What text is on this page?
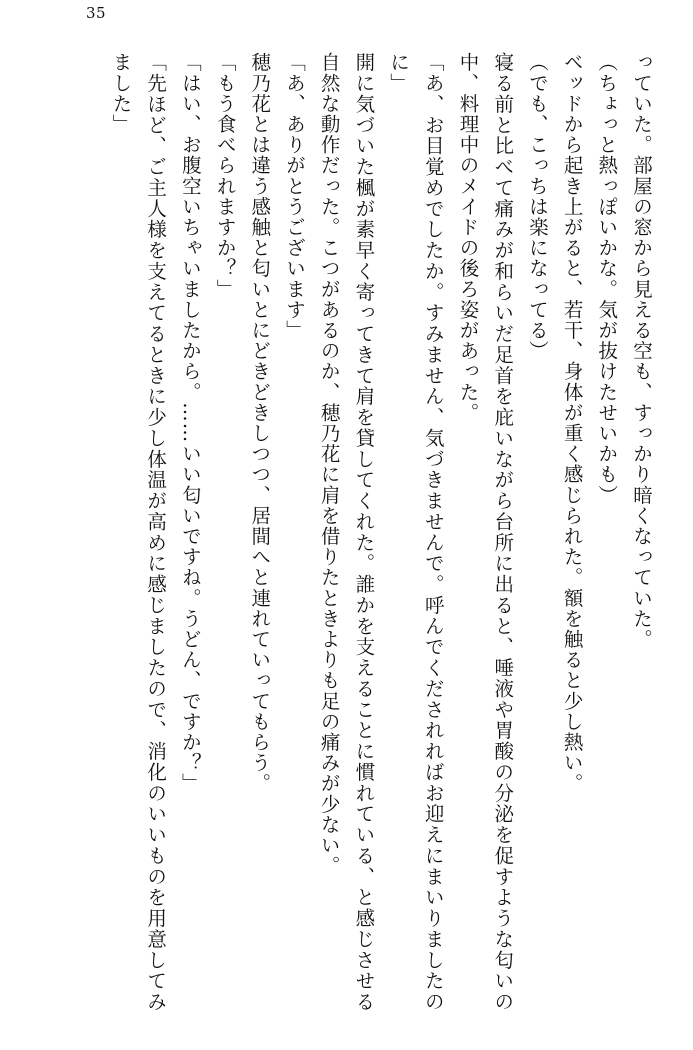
35

っていた。部屋の窓から見える空も、すっかり暗くなっていた。

（ちょっと熱っぽいかな。気が抜けたせいかも）

ベッドから起き上がると、若干、身体が重く感じられた。額を触ると少し熱い。

（でも、こっちは楽になってる）

寝る前と比べて痛みが和らいだ足首を庇いながら台所に出ると、唾液や胃酸の分泌を促すような匂いの中、料理中のメイドの後ろ姿があった。

「あ、お目覚めでしたか。すみません、気づきませんで。呼んでくだされればお迎えにまいりましたのに」

開に気づいた楓が素早く寄ってきて肩を貸してくれた。誰かを支えることに慣れている、と感じさせる自然な動作だった。こつがあるのか、穂乃花に肩を借りたときよりも足の痛みが少ない。

「あ、ありがとうございます」

穂乃花とは違う感触と匂いとにどきどきしつつ、居間へと連れていってもらう。

「もう食べられますか？」

「はい、お腹空いちゃいましたから。……いい匂いですね。うどん、ですか？」

「先ほど、ご主人様を支えてるときに少し体温が高めに感じましたので、消化のいいものを用意してみました」
